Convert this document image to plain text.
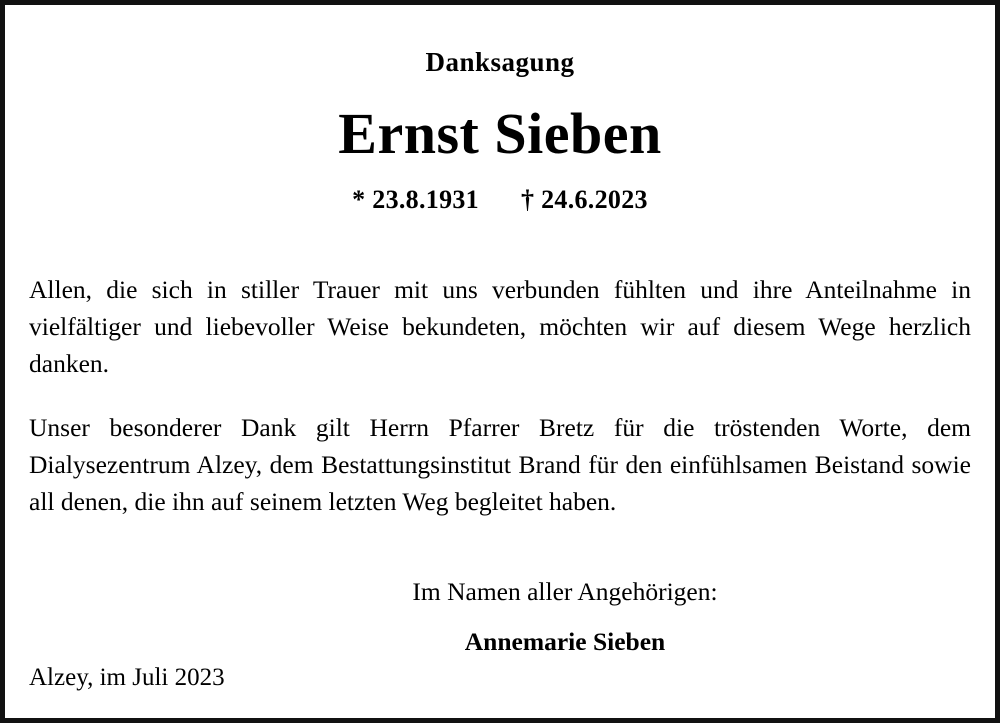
Danksagung
Ernst Sieben
* 23.8.1931 † 24.6.2023

Allen, die sich in stiller Trauer mit uns verbunden fühlten und ihre Anteilnahme in vielfältiger und liebevoller Weise bekundeten, möchten wir auf diesem Wege herzlich danken.

Unser besonderer Dank gilt Herrn Pfarrer Bretz für die tröstenden Worte, dem Dialysezentrum Alzey, dem Bestattungsinstitut Brand für den einfühlsamen Beistand sowie all denen, die ihn auf seinem letzten Weg begleitet haben.

Im Namen aller Angehörigen:
Annemarie Sieben
Alzey, im Juli 2023
